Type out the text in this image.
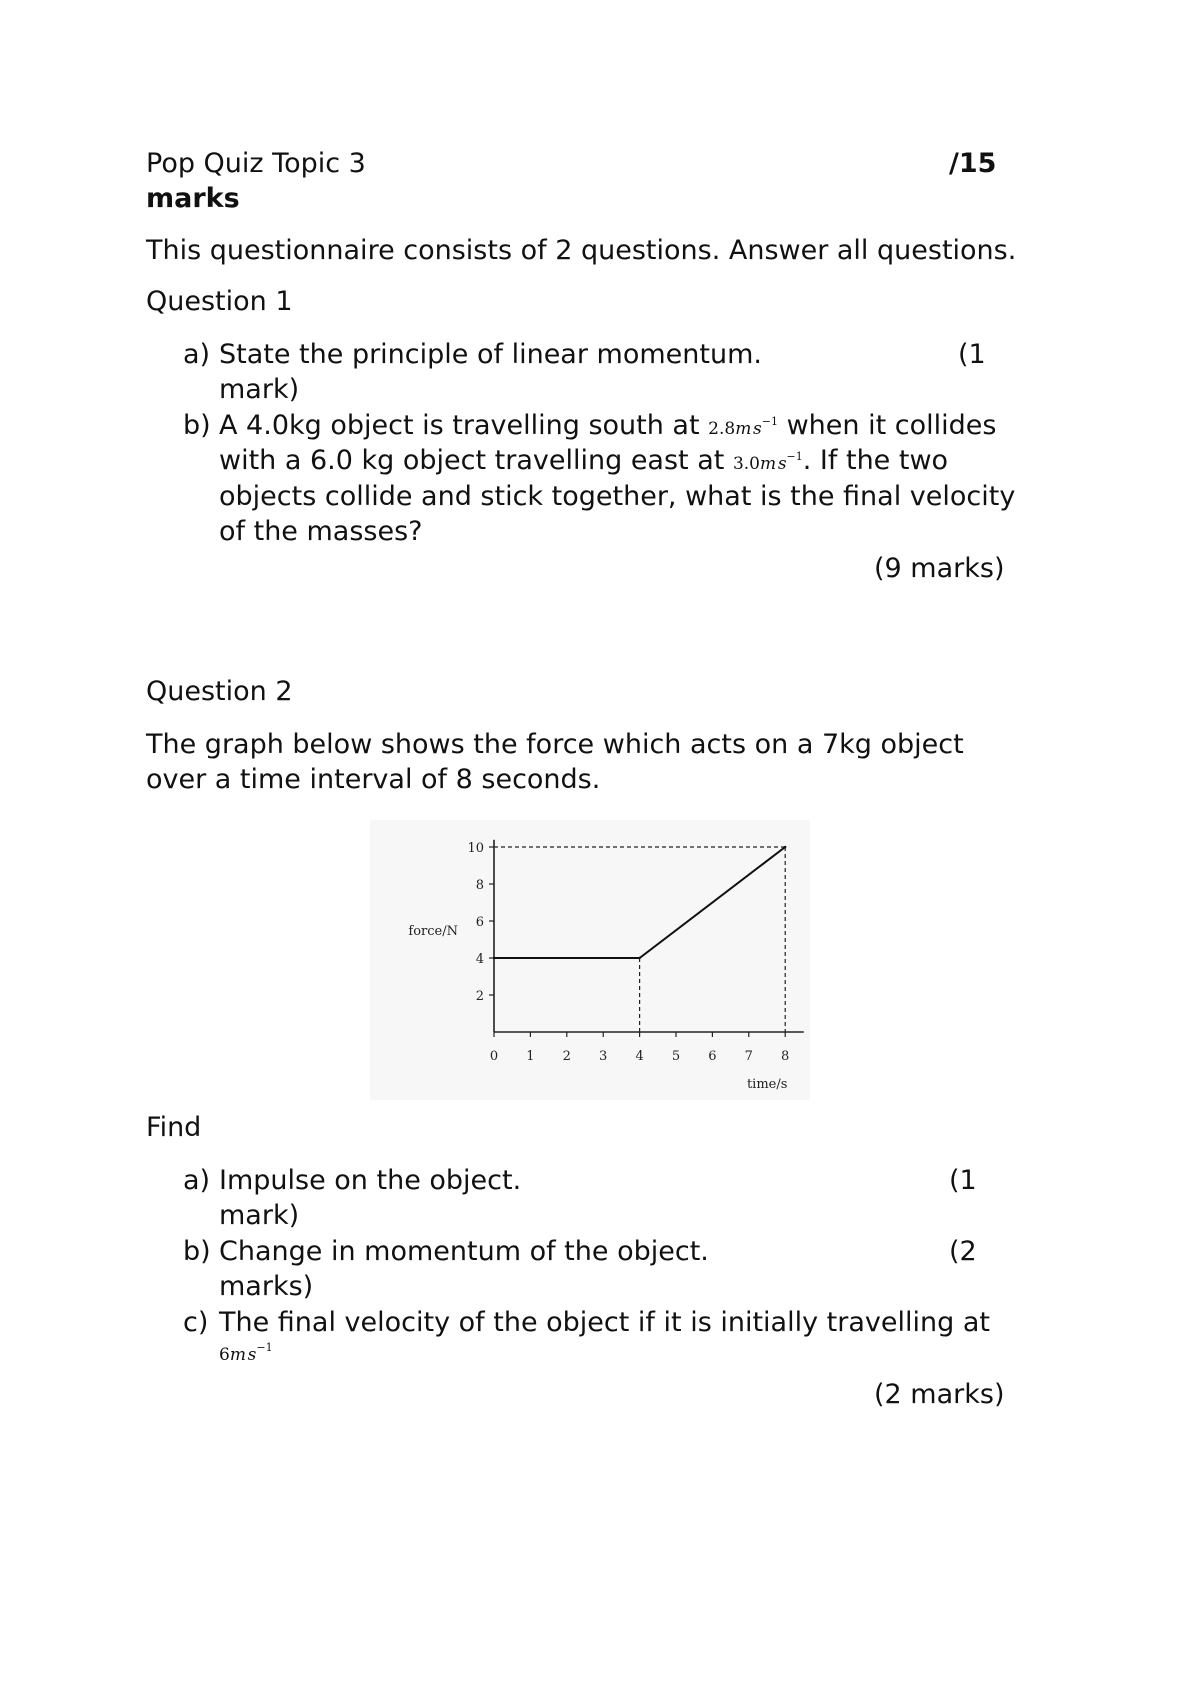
Pop Quiz Topic 3	/15
marks
This questionnaire consists of 2 questions. Answer all questions.
Question 1
a) State the principle of linear momentum.	(1
mark)
b) A 4.0kg object is travelling south at 2.8m  $s^{-1}$ when it collides
with a 6.0 kg object travelling east at 3.0m  $s^{-1}$. If the two
objects collide and stick together, what is the final velocity
of the masses?
(9 marks)
Question 2
The graph below shows the force which acts on a 7kg object
over a time interval of 8 seconds.
2
4
6
8
10
0 1 2 3 4 5 6 7 8
force/N
time/s
Find
a) Impulse on the object.	(1
mark)
b) Change in momentum of the object.	(2
marks)
c) The final velocity of the object if it is initially travelling at
6m  $s^{-1}$
(2 marks)
